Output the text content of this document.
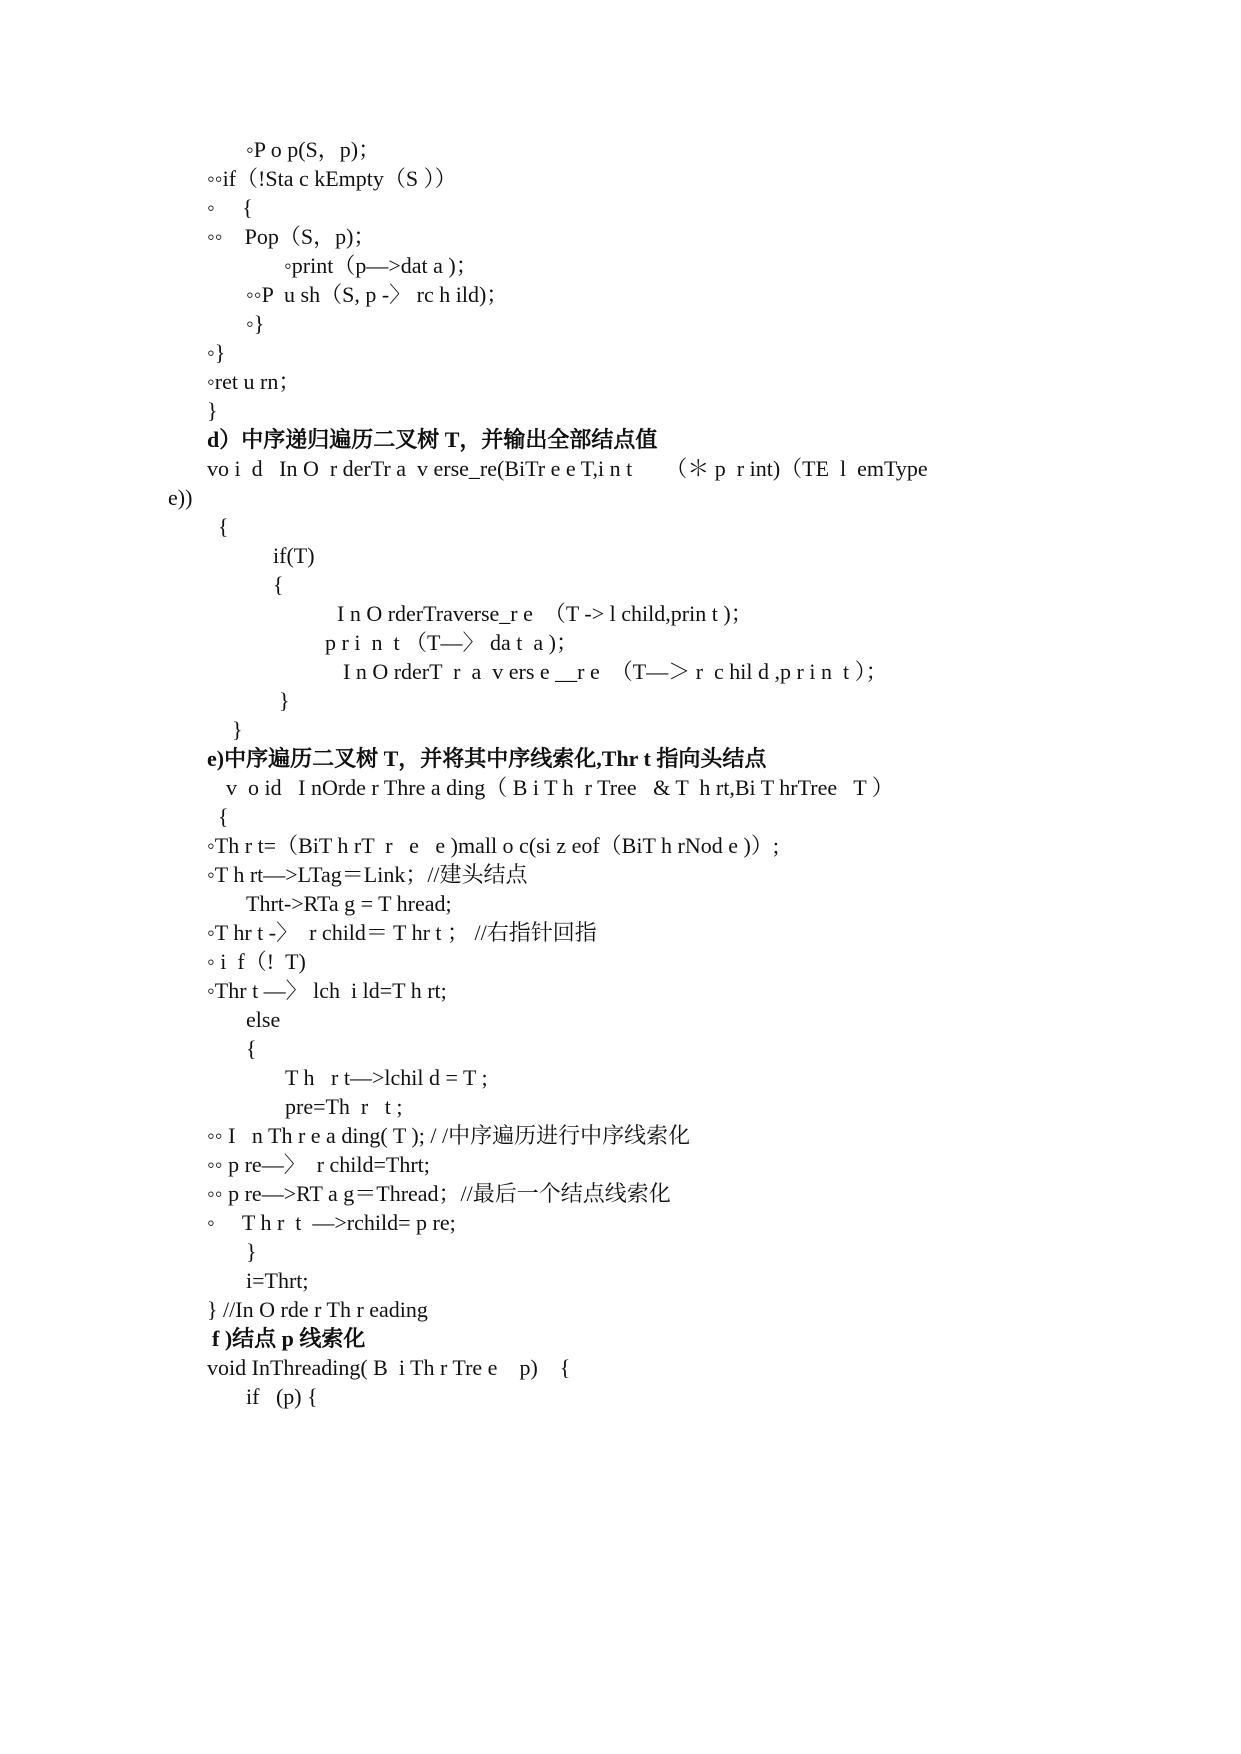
◦P o p(S，p)；
◦◦if（!Sta c kEmpty（S ））
◦     {
◦◦    Pop（S，p)；
◦print（p—>dat a )；
◦◦P  u sh（S, p -〉 rc h ild)；
◦}
◦}
◦ret u rn；
}
d）中序递归遍历二叉树 T，并输出全部结点值
vo i  d   In O  r derTr a  v erse_re(BiTr e e T,i n t      （＊ p  r int)（TE  l  emType
e))
{
if(T)
{
I n O rderTraverse_r e  （T -> l child,prin t )；
p r i  n  t （T—〉 da t  a )；
I n O rderT  r  a  v ers e __r e  （T—＞ r  c hil d ,p r i n  t ）；
}
}
e)中序遍历二叉树 T，并将其中序线索化,Thr t 指向头结点
v  o id   I nOrde r Thre a ding（ B i T h  r Tree   & T  h rt,Bi T hrTree   T ）
{
◦Th r t=（BiT h rT  r   e   e )mall o c(si z eof（BiT h rNod e )）;
◦T h rt—>LTag＝Link；//建头结点
Thrt->RTa g = T hread;
◦T hr t -〉  r child＝ T hr t ； //右指针回指
◦ i  f（!  T)
◦Thr t —〉 lch  i ld=T h rt;
else
{
T h   r t—>lchil d = T ;
pre=Th  r   t ;
◦◦ I   n Th r e a ding( T ); / /中序遍历进行中序线索化
◦◦ p re—〉  r child=Thrt;
◦◦ p re—>RT a g＝Thread；//最后一个结点线索化
◦     T h r  t  —>rchild= p re;
}
i=Thrt;
} //In O rde r Th r eading
f )结点 p 线索化
void InThreading( B  i Th r Tre e    p)    {
if   (p) {
